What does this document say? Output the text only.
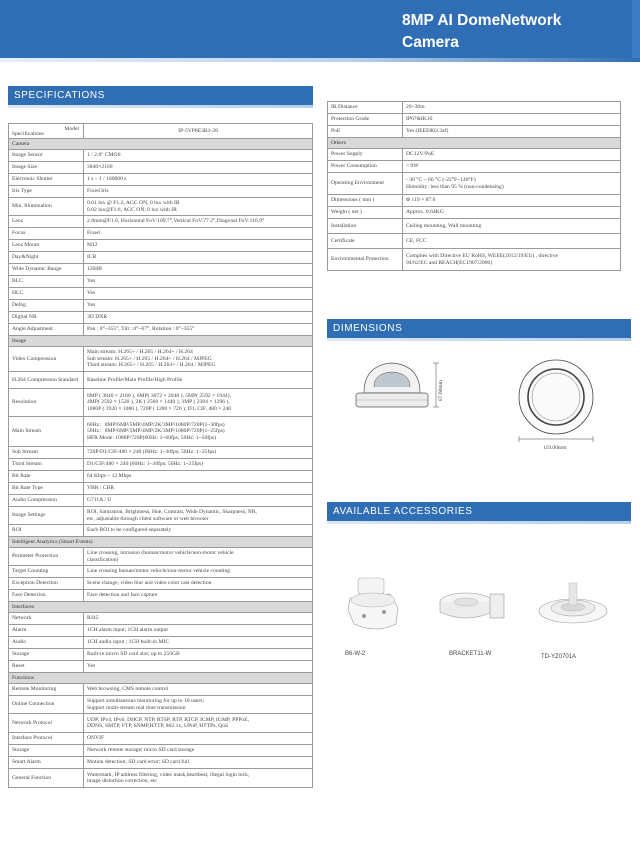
8MP AI DomeNetwork Camera
SPECIFICATIONS
DIMENSIONS
AVAILABLE ACCESSORIES
Model
Specifications	IP-5VP8E3B1-28
Camera	
Image Sensor	1 / 2.8" CMOS
Image Size	3840×2160
Electronic Shutter	1 s – 1 / 100000 s
Iris Type	Fixed Iris
Min. Illumination	0.01 lux @ F1.2, AGC ON, 0 lux with IR
0.02 lux@F1.6, AGC ON, 0 lux with IR
Lens	2.8mm@F1.6, Horizontal FoV:109.7°,Vertical FoV:77.2°,Diagonal FoV:116.9°
Focus	Fixed
Lens Mount	M12
Day&Night	ICR
Wide Dynamic Range	120dB
BLC	Yes
HLC	Yes
Defog	Yes
Digital NR	3D DNR
Angle Adjustment	Pan : 0°~355°, Tilt : 0°~67°, Rotation : 0°~355°
Image	
Video Compression	Main stream: H.265+ / H.265 / H.264+ / H.264
Sub stream: H.265+ / H.265 / H.264+ / H.264 / MJPEG
Third stream: H.265+ / H.265 / H.264+ / H.264 / MJPEG
H.264 Compression Standard	Baseline Profile/Main Profile/High Profile
Resolution	8MP ( 3840 × 2160 ), 6MP( 3072 × 2048 ), 5MP( 2592 × 1944),
4MP( 2592 × 1520 ), 2K ( 2560 × 1440 ), 3MP ( 2304 × 1296 ),
1080P ( 1920 × 1080 ), 720P ( 1280 × 720 ), D1, CIF, 480 × 240
Main Stream	60Hz：8MP/6MP/5MP/4MP/2K/3MP/1080P/720P(1~30fps)
50Hz：8MP/6MP/5MP/4MP/2K/3MP/1080P/720P(1~25fps)
HFR Mode: 1080P/720P(60Hz: 1~60fps; 50Hz: 1~50fps)
Sub Stream	720P/D1/CIF/480 × 240 (60Hz: 1~30fps; 50Hz: 1~25fps)
Third Stream	D1/CIF/480 × 240 (60Hz: 1~30fps; 50Hz: 1~25fps)
Bit Rate	64 Kbps ~ 12 Mbps
Bit Rate Type	VBR / CBR
Audio Compression	G711A / U
Image Settings	ROI, Saturation, Brightness, Hue, Contrast, Wide Dynamic, Sharpness, NR,
etc, adjustable through client software or web browser
ROI	Each ROI to be configured separately
Intelligent Analytics (Smart Events)	
Perimeter Protection	Line crossing, intrusion (human/motor vehicle/non-motor vehicle
classification)
Target Counting	Line crossing human/motor vehicle/non-motor vehicle counting
Exception Detection	Scene change, video blur and video color cast detection
Face Detection	Face detection and face capture
Interfaces	
Network	RJ45
Alarm	1CH alarm input; 1CH alarm output
Audio	1CH audio input ; 1CH built-in MIC
Storage	Built-in micro SD card slot; up to 256GB
Reset	Yes
Functions	
Remote Monitoring	Web browsing, CMS remote control
Online Connection	Support simultaneous monitoring for up to 10 users;
Support multi-stream real time transmission
Network Protocol	UDP, IPv4, IPv6, DHCP, NTP, RTSP, RTP, RTCP, ICMP, IGMP, PPPoE,
DDNS, SMTP, FTP, SNMP,HTTP, 802.1x, UPnP, HTTPs, QoS
Interface Protocol	ONVIF
Storage	Network remote storage; micro SD card storage
Smart Alarm	Motion detection; SD card error; SD card full
General Function	Watermark, IP address filtering, video mask,heartbeat, illegal login lock,
image distortion correction, etc
IR Distance	20~30m
Protection Grade	IP67&IK10
PoE	Yes (IEEE802.3af)
Others	
Power Supply	DC12V/PoE
Power Consumption	< 9W
Operating Environment	- 30 °C ~ 60 °C (-22°F~140°F)
Humidity: less than 95 % (non-condensing)
Dimensions ( mm )	Φ 119 × 87.6
Weight ( net )	Approx. 0.64KG
Installation	Ceiling mounting, Wall mounting
Certificate	CE, FCC
Environmental Protection	Complies with Directive EU RoHS, WEEE(2012/19/EU) , directive
94/62/EC and REACH(EC1907/2006)
87.60mm
119.00mm
B6-W-2	BRACKET11-W	TD-YZ0701A
